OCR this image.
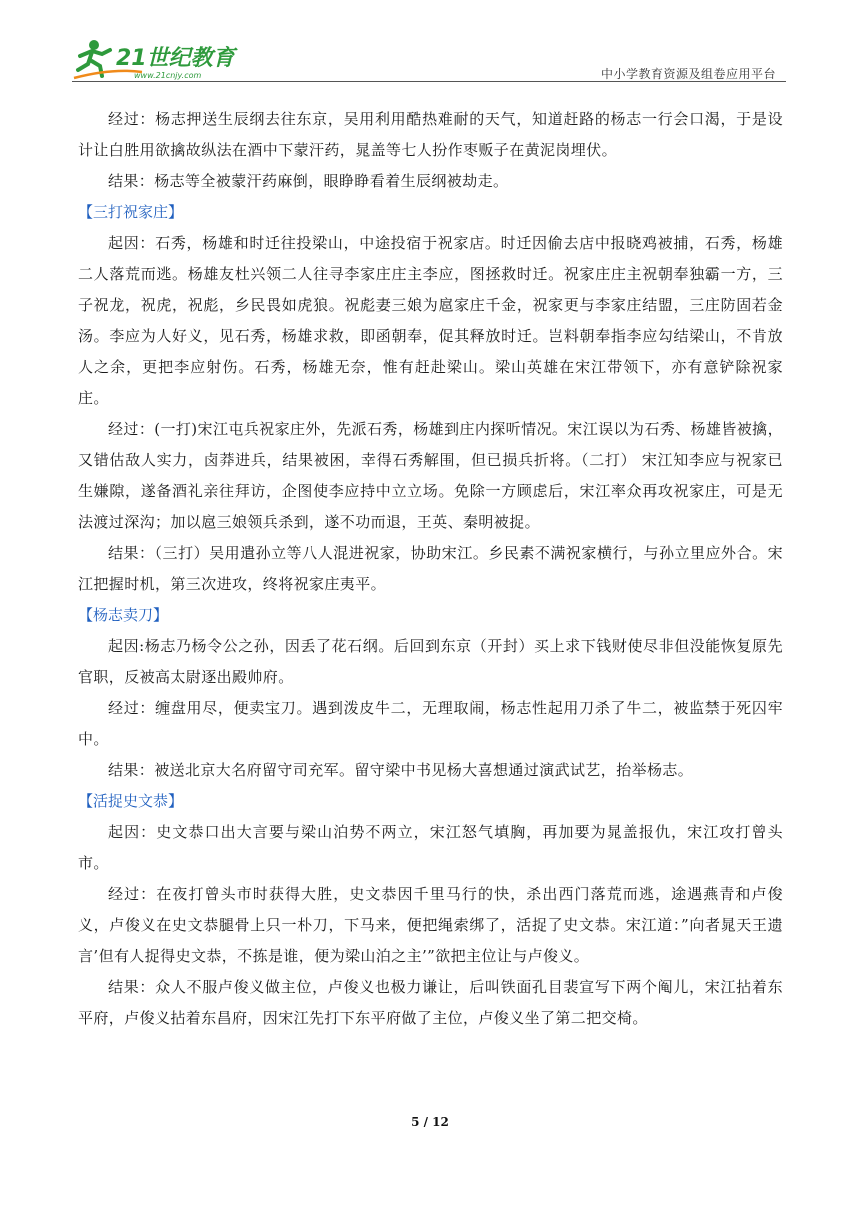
21世纪教育
www.21cnjy.com	中小学教育资源及组卷应用平台

经过：杨志押送生辰纲去往东京，吴用利用酷热难耐的天气，知道赶路的杨志一行会口渴，于是设计让白胜用欲擒故纵法在酒中下蒙汗药，晁盖等七人扮作枣贩子在黄泥岗埋伏。

结果：杨志等全被蒙汗药麻倒，眼睁睁看着生辰纲被劫走。

【三打祝家庄】

起因：石秀，杨雄和时迁往投梁山，中途投宿于祝家店。时迁因偷去店中报晓鸡被捕，石秀，杨雄二人落荒而逃。杨雄友杜兴领二人往寻李家庄庄主李应，图拯救时迁。祝家庄庄主祝朝奉独霸一方，三子祝龙，祝虎，祝彪，乡民畏如虎狼。祝彪妻三娘为扈家庄千金，祝家更与李家庄结盟，三庄防固若金汤。李应为人好义，见石秀，杨雄求救，即函朝奉，促其释放时迁。岂料朝奉指李应勾结梁山，不肯放人之余，更把李应射伤。石秀，杨雄无奈，惟有赶赴梁山。梁山英雄在宋江带领下，亦有意铲除祝家庄。

经过：(一打)宋江屯兵祝家庄外，先派石秀，杨雄到庄内探听情况。宋江误以为石秀、杨雄皆被擒，又错估敌人实力，卤莽进兵，结果被困，幸得石秀解围，但已损兵折将。（二打） 宋江知李应与祝家已生嫌隙，遂备酒礼亲往拜访，企图使李应持中立立场。免除一方顾虑后，宋江率众再攻祝家庄，可是无法渡过深沟；加以扈三娘领兵杀到，遂不功而退，王英、秦明被捉。

结果：（三打）吴用遣孙立等八人混进祝家，协助宋江。乡民素不满祝家横行，与孙立里应外合。宋江把握时机，第三次进攻，终将祝家庄夷平。

【杨志卖刀】

起因:杨志乃杨令公之孙，因丢了花石纲。后回到东京（开封）买上求下钱财使尽非但没能恢复原先官职，反被高太尉逐出殿帅府。

经过：缠盘用尽，便卖宝刀。遇到泼皮牛二，无理取闹，杨志性起用刀杀了牛二，被监禁于死囚牢中。

结果：被送北京大名府留守司充军。留守梁中书见杨大喜想通过演武试艺，抬举杨志。

【活捉史文恭】

起因：史文恭口出大言要与梁山泊势不两立，宋江怒气填胸，再加要为晁盖报仇，宋江攻打曾头市。

经过：在夜打曾头市时获得大胜，史文恭因千里马行的快，杀出西门落荒而逃，途遇燕青和卢俊义，卢俊义在史文恭腿骨上只一朴刀，下马来，便把绳索绑了，活捉了史文恭。宋江道：”向者晁天王遗言’但有人捉得史文恭，不拣是谁，便为梁山泊之主’”欲把主位让与卢俊义。

结果：众人不服卢俊义做主位，卢俊义也极力谦让，后叫铁面孔目裴宣写下两个阄儿，宋江拈着东平府，卢俊义拈着东昌府，因宋江先打下东平府做了主位，卢俊义坐了第二把交椅。

5 / 12
